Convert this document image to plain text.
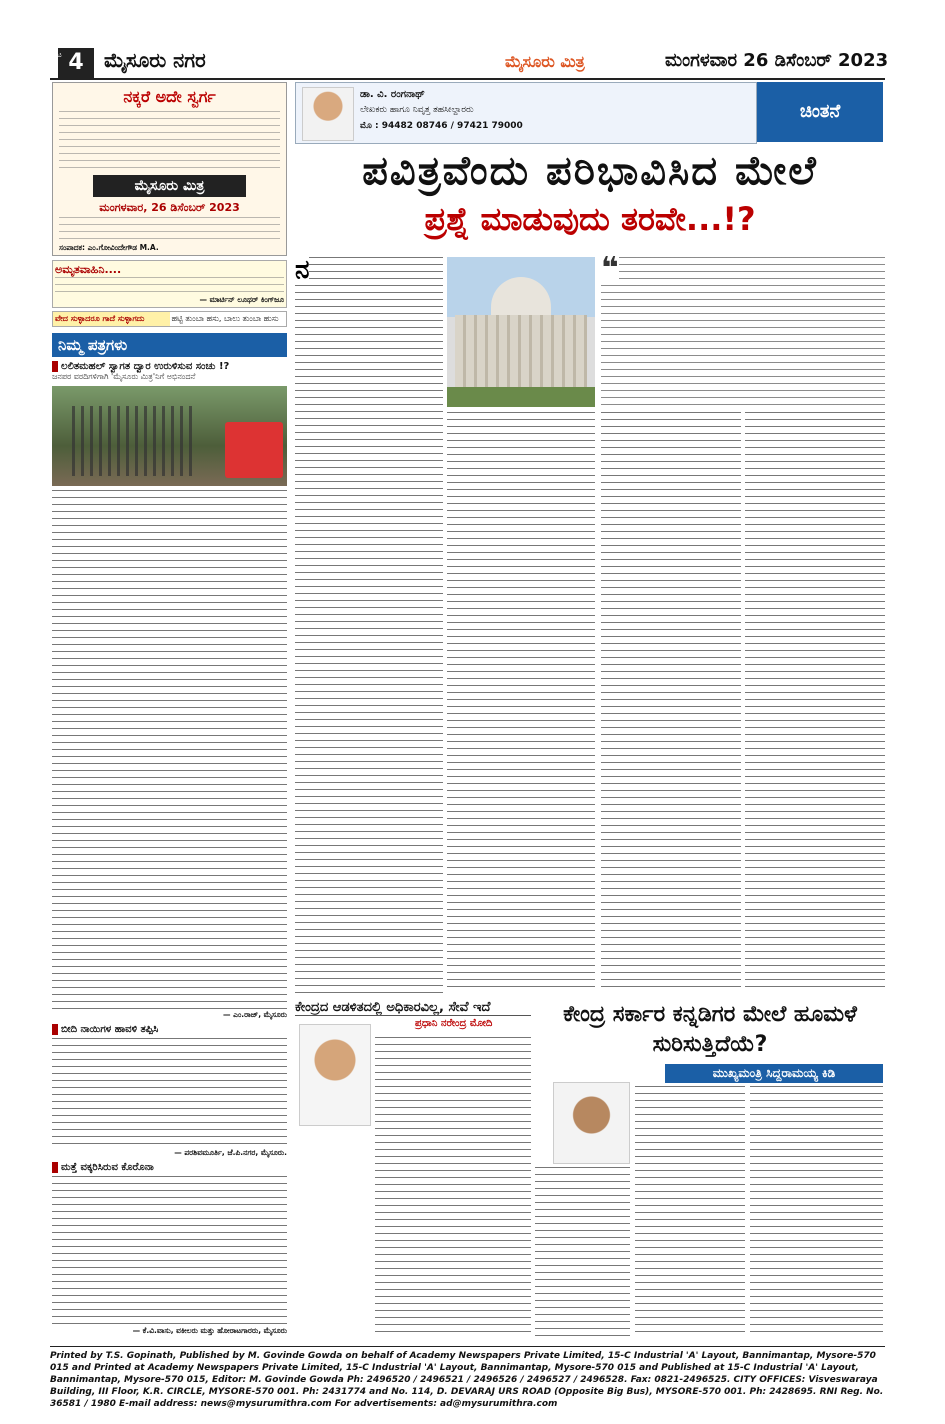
4
ಪುಟ ಮೈಸೂರು ನಗರ	ಮೈಸೂರು ಮಿತ್ರ	ಮಂಗಳವಾರ 26 ಡಿಸೆಂಬರ್ 2023
ನಕ್ಕರೆ ಅದೇ ಸ್ವರ್ಗ
ಮೈಸೂರು ಮಿತ್ರ
ಮಂಗಳವಾರ, 26 ಡಿಸೆಂಬರ್ 2023
ಸಂಪಾದಕ: ಎಂ.ಗೋವಿಂದೇಗೌಡ M.A.
ಅಮೃತವಾಹಿನಿ....
— ಮಾರ್ಟಿನ್ ಲೂಥರ್ ಕಿಂಗ್‌ಜೂ
ವೇದ ಸುಳ್ಳಾದರೂ ಗಾದೆ ಸುಳ್ಳಾಗದು	ಹಟ್ಟಿ ತುಂಬಾ ಹಸು, ಬಾಲು ತುಂಬಾ ಹುಸು
ನಿಮ್ಮ ಪತ್ರಗಳು
ಲಲಿತಮಹಲ್ ಸ್ವಾಗತ ದ್ವಾರ ಉರುಳಿಸುವ ಸಂಚು !?
ಜನಪರ ವರದಿಗಳಿಗಾಗಿ 'ಮೈಸೂರು ಮಿತ್ರ'ನಿಗೆ ಅಭಿನಂದನೆ
— ಎಂ.ರಾಜ್, ಮೈಸೂರು
ಬೀದಿ ನಾಯಿಗಳ ಹಾವಳಿ ತಪ್ಪಿಸಿ
— ಪರಶಿವಮೂರ್ತಿ, ಜೆ.ಪಿ.ನಗರ, ಮೈಸೂರು.
ಮತ್ತೆ ವಕ್ಕರಿಸಿರುವ ಕೊರೊನಾ
— ಕೆ.ವಿ.ವಾಸು, ವಕೀಲರು ಮತ್ತು ಹೋರಾಟಗಾರರು, ಮೈಸೂರು
ಡಾ. ವಿ. ರಂಗನಾಥ್
ಲೇಖಕರು ಹಾಗೂ ನಿವೃತ್ತ ತಹಸೀಲ್ದಾರರು
ಮೊ : 94482 08746 / 97421 79000
ಚಿಂತನೆ
ಪವಿತ್ರವೆಂದು ಪರಿಭಾವಿಸಿದ ಮೇಲೆ
ಪ್ರಶ್ನೆ ಮಾಡುವುದು ತರವೇ...!?
ನ	❝
ಕೇಂದ್ರದ ಆಡಳಿತದಲ್ಲಿ ಅಧಿಕಾರವಿಲ್ಲ, ಸೇವೆ ಇದೆ
ಪ್ರಧಾನಿ ನರೇಂದ್ರ ಮೋದಿ	ಕೇಂದ್ರ ಸರ್ಕಾರ ಕನ್ನಡಿಗರ ಮೇಲೆ ಹೂಮಳೆ ಸುರಿಸುತ್ತಿದೆಯೆ?
ಮುಖ್ಯಮಂತ್ರಿ ಸಿದ್ದರಾಮಯ್ಯ ಕಿಡಿ
Printed by T.S. Gopinath, Published by M. Govinde Gowda on behalf of Academy Newspapers Private Limited, 15-C Industrial 'A' Layout, Bannimantap, Mysore-570 015 and Printed at Academy Newspapers Private Limited, 15-C Industrial 'A' Layout, Bannimantap, Mysore-570 015 and Published at 15-C Industrial 'A' Layout, Bannimantap, Mysore-570 015, Editor: M. Govinde Gowda Ph: 2496520 / 2496521 / 2496526 / 2496527 / 2496528. Fax: 0821-2496525. CITY OFFICES: Visveswaraya Building, III Floor, K.R. CIRCLE, MYSORE-570 001. Ph: 2431774 and No. 114, D. DEVARAJ URS ROAD (Opposite Big Bus), MYSORE-570 001. Ph: 2428695. RNI Reg. No. 36581 / 1980 E-mail address: news@mysurumithra.com For advertisements: ad@mysurumithra.com
